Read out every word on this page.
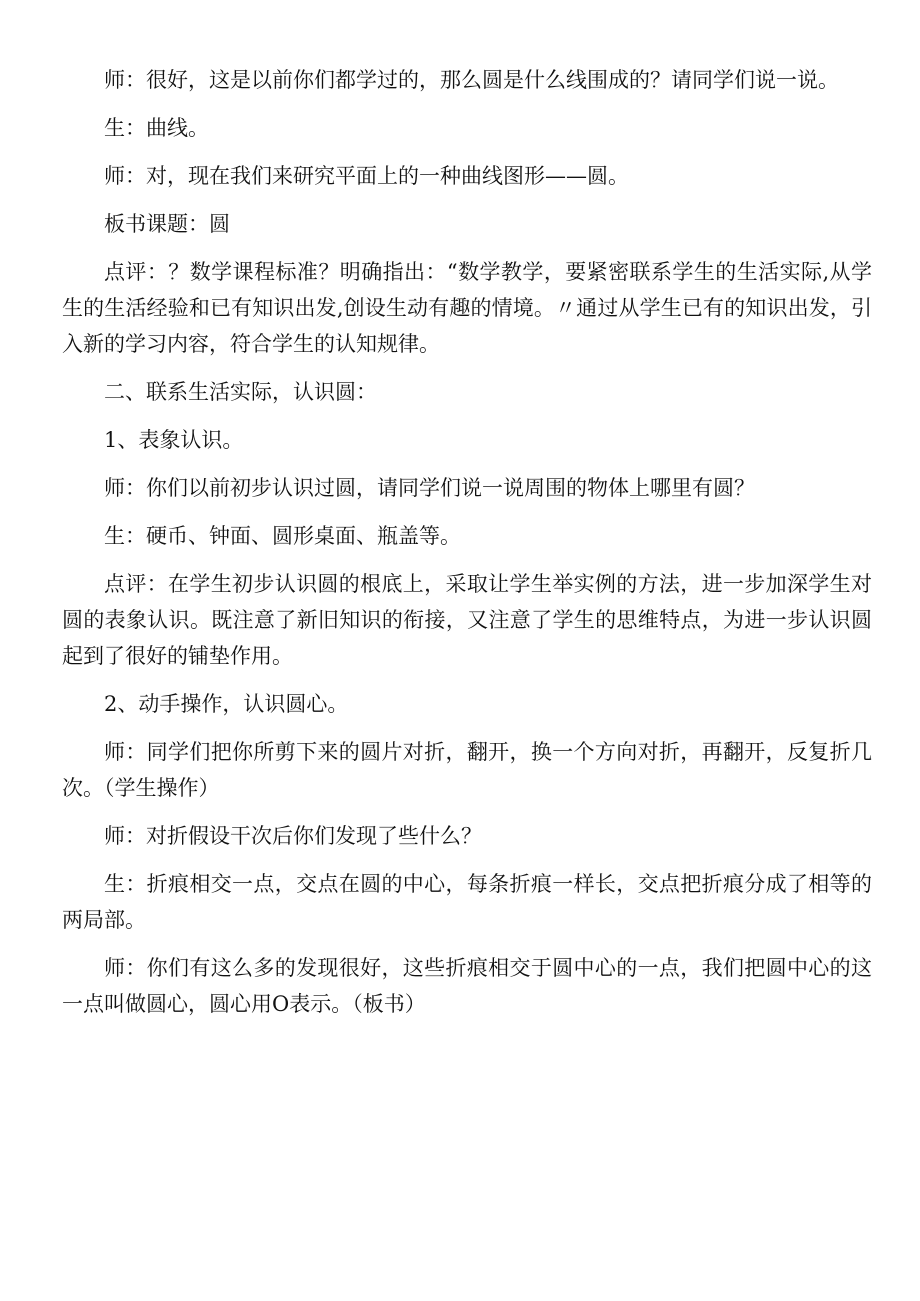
师：很好，这是以前你们都学过的，那么圆是什么线围成的？请同学们说一说。

生：曲线。

师：对，现在我们来研究平面上的一种曲线图形——圆。

板书课题：圆

点评：？数学课程标准？明确指出：“数学教学，要紧密联系学生的生活实际,从学生的生活经验和已有知识出发,创设生动有趣的情境。〃通过从学生已有的知识出发，引入新的学习内容，符合学生的认知规律。

二、联系生活实际，认识圆：

1、表象认识。

师：你们以前初步认识过圆，请同学们说一说周围的物体上哪里有圆？

生：硬币、钟面、圆形桌面、瓶盖等。

点评：在学生初步认识圆的根底上，采取让学生举实例的方法，进一步加深学生对圆的表象认识。既注意了新旧知识的衔接，又注意了学生的思维特点，为进一步认识圆起到了很好的铺垫作用。

2、动手操作，认识圆心。

师：同学们把你所剪下来的圆片对折，翻开，换一个方向对折，再翻开，反复折几次。（学生操作）

师：对折假设干次后你们发现了些什么？

生：折痕相交一点，交点在圆的中心，每条折痕一样长，交点把折痕分成了相等的两局部。

师：你们有这么多的发现很好，这些折痕相交于圆中心的一点，我们把圆中心的这一点叫做圆心，圆心用O表示。（板书）
